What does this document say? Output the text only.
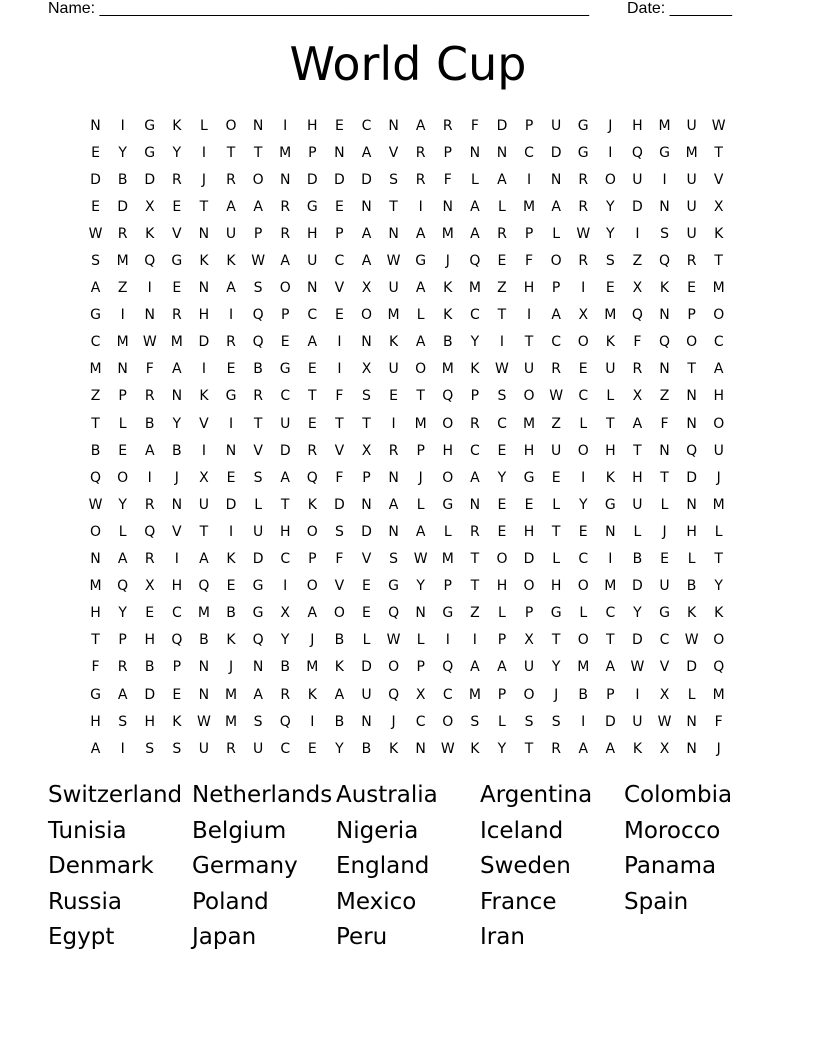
Name: _______________________________________________________ Date: _______
World Cup
N	I	G	K	L	O	N	I	H	E	C	N	A	R	F	D	P	U	G	J	H	M	U	W
E	Y	G	Y	I	T	T	M	P	N	A	V	R	P	N	N	C	D	G	I	Q	G	M	T
D	B	D	R	J	R	O	N	D	D	D	S	R	F	L	A	I	N	R	O	U	I	U	V
E	D	X	E	T	A	A	R	G	E	N	T	I	N	A	L	M	A	R	Y	D	N	U	X
W	R	K	V	N	U	P	R	H	P	A	N	A	M	A	R	P	L	W	Y	I	S	U	K
S	M	Q	G	K	K	W	A	U	C	A	W	G	J	Q	E	F	O	R	S	Z	Q	R	T
A	Z	I	E	N	A	S	O	N	V	X	U	A	K	M	Z	H	P	I	E	X	K	E	M
G	I	N	R	H	I	Q	P	C	E	O	M	L	K	C	T	I	A	X	M	Q	N	P	O
C	M	W	M	D	R	Q	E	A	I	N	K	A	B	Y	I	T	C	O	K	F	Q	O	C
M	N	F	A	I	E	B	G	E	I	X	U	O	M	K	W	U	R	E	U	R	N	T	A
Z	P	R	N	K	G	R	C	T	F	S	E	T	Q	P	S	O	W	C	L	X	Z	N	H
T	L	B	Y	V	I	T	U	E	T	T	I	M	O	R	C	M	Z	L	T	A	F	N	O
B	E	A	B	I	N	V	D	R	V	X	R	P	H	C	E	H	U	O	H	T	N	Q	U
Q	O	I	J	X	E	S	A	Q	F	P	N	J	O	A	Y	G	E	I	K	H	T	D	J
W	Y	R	N	U	D	L	T	K	D	N	A	L	G	N	E	E	L	Y	G	U	L	N	M
O	L	Q	V	T	I	U	H	O	S	D	N	A	L	R	E	H	T	E	N	L	J	H	L
N	A	R	I	A	K	D	C	P	F	V	S	W	M	T	O	D	L	C	I	B	E	L	T
M	Q	X	H	Q	E	G	I	O	V	E	G	Y	P	T	H	O	H	O	M	D	U	B	Y
H	Y	E	C	M	B	G	X	A	O	E	Q	N	G	Z	L	P	G	L	C	Y	G	K	K
T	P	H	Q	B	K	Q	Y	J	B	L	W	L	I	I	P	X	T	O	T	D	C	W	O
F	R	B	P	N	J	N	B	M	K	D	O	P	Q	A	A	U	Y	M	A	W	V	D	Q
G	A	D	E	N	M	A	R	K	A	U	Q	X	C	M	P	O	J	B	P	I	X	L	M
H	S	H	K	W	M	S	Q	I	B	N	J	C	O	S	L	S	S	I	D	U	W	N	F
A	I	S	S	U	R	U	C	E	Y	B	K	N	W	K	Y	T	R	A	A	K	X	N	J
Switzerland Netherlands Australia	Argentina	Colombia
Tunisia	Belgium	Nigeria	Iceland	Morocco
Denmark	Germany	England	Sweden	Panama
Russia	Poland	Mexico	France	Spain
Egypt	Japan	Peru	Iran
